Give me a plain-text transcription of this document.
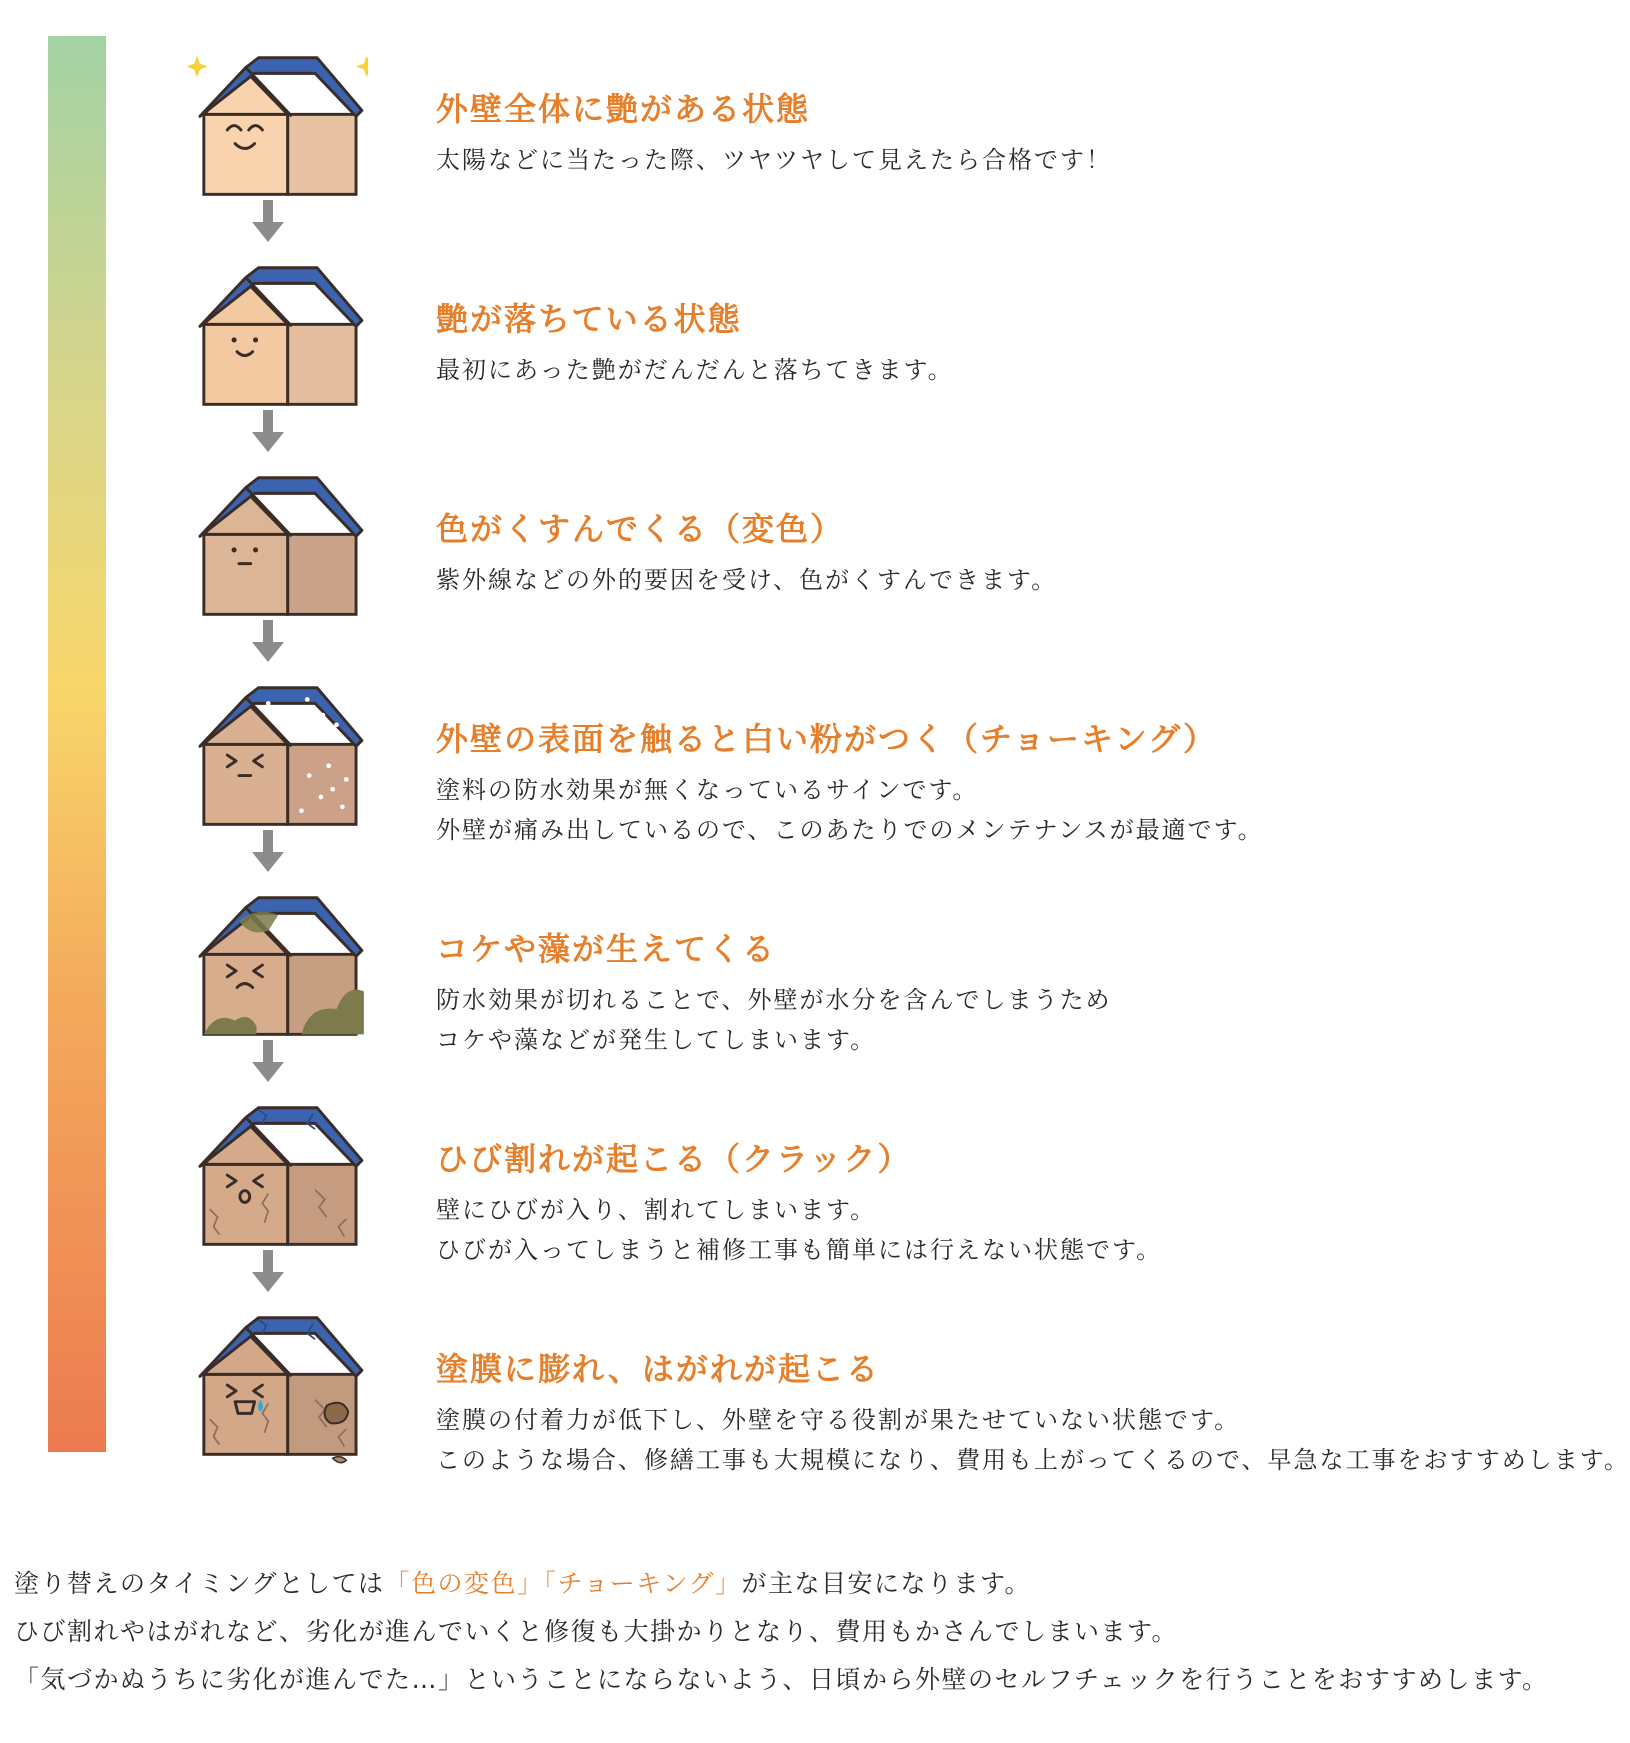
外壁全体に艶がある状態

太陽などに当たった際、ツヤツヤして見えたら合格です！

艶が落ちている状態

最初にあった艶がだんだんと落ちてきます。

色がくすんでくる（変色）

紫外線などの外的要因を受け、色がくすんできます。

外壁の表面を触ると白い粉がつく（チョーキング）

塗料の防水効果が無くなっているサインです。

外壁が痛み出しているので、このあたりでのメンテナンスが最適です。

コケや藻が生えてくる

防水効果が切れることで、外壁が水分を含んでしまうため

コケや藻などが発生してしまいます。

ひび割れが起こる（クラック）

壁にひびが入り、割れてしまいます。

ひびが入ってしまうと補修工事も簡単には行えない状態です。

塗膜に膨れ、はがれが起こる

塗膜の付着力が低下し、外壁を守る役割が果たせていない状態です。

このような場合、修繕工事も大規模になり、費用も上がってくるので、早急な工事をおすすめします。

塗り替えのタイミングとしては「色の変色」「チョーキング」が主な目安になります。

ひび割れやはがれなど、劣化が進んでいくと修復も大掛かりとなり、費用もかさんでしまいます。

「気づかぬうちに劣化が進んでた…」ということにならないよう、日頃から外壁のセルフチェックを行うことをおすすめします。
